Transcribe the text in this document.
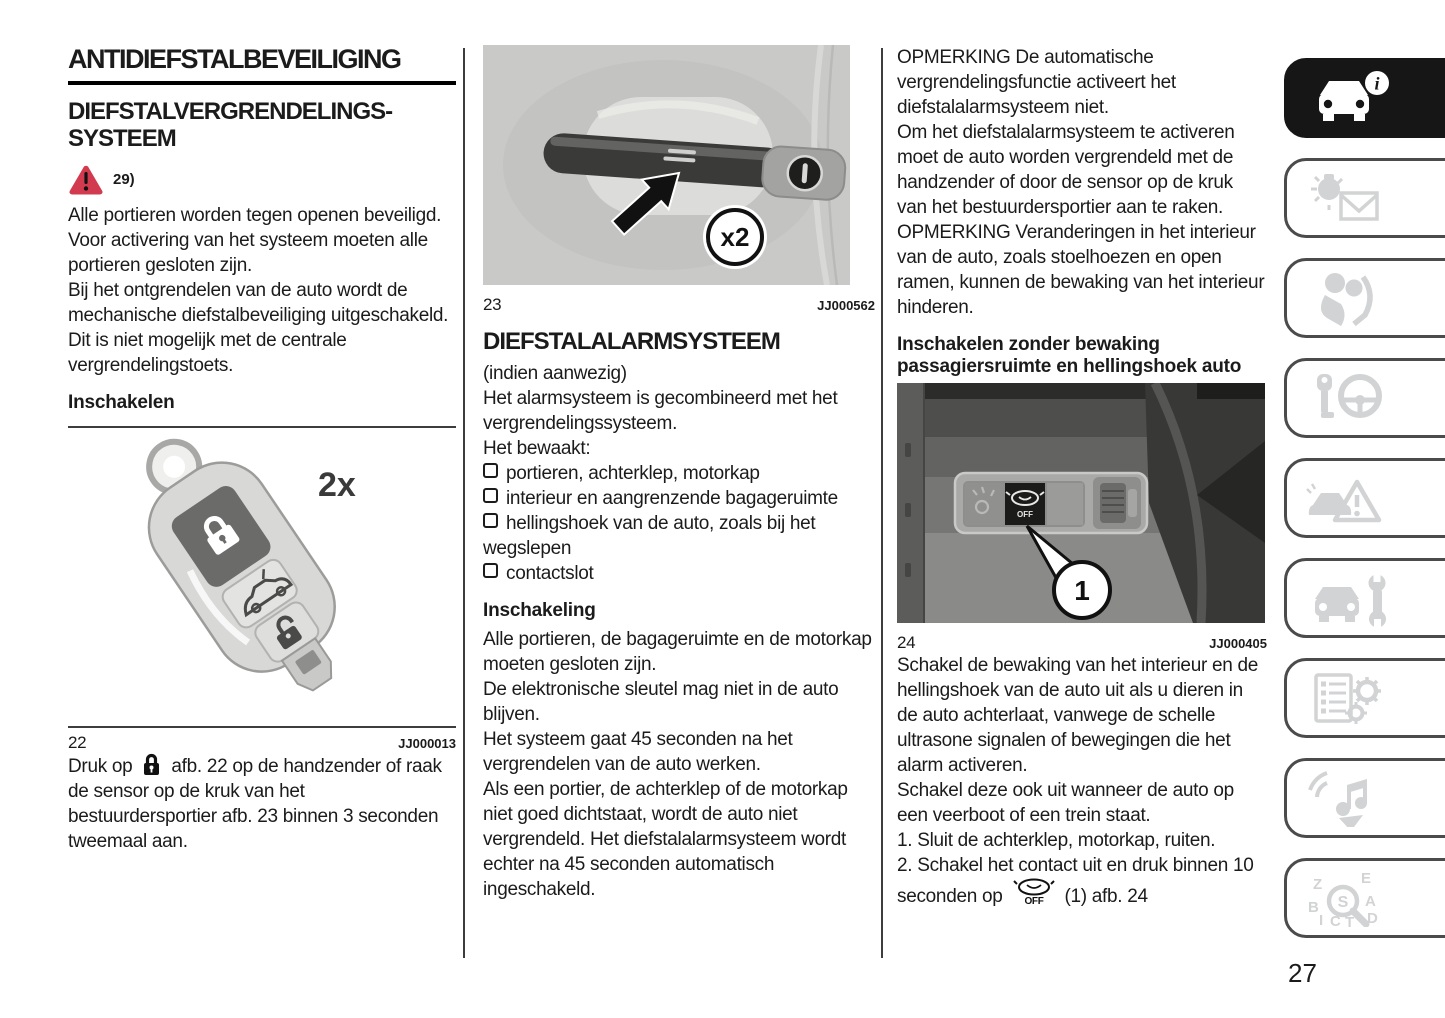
ANTIDIEFSTALBEVEILIGING
DIEFSTALVERGRENDELINGS-SYSTEEM
29)

Alle portieren worden tegen openen beveiligd. Voor activering van het systeem moeten alle portieren gesloten zijn.

Bij het ontgrendelen van de auto wordt de mechanische diefstalbeveiliging uitgeschakeld.

Dit is niet mogelijk met de centrale vergrendelingstoets.

Inschakelen
2x
22	JJ000013

Druk op afb. 22 op de handzender of raak de sensor op de kruk van het bestuurdersportier afb. 23 binnen 3 seconden tweemaal aan.

x2
23	JJ000562
DIEFSTALALARMSYSTEEM

(indien aanwezig)

Het alarmsysteem is gecombineerd met het vergrendelingssysteem.

Het bewaakt:

portieren, achterklep, motorkap

interieur en aangrenzende bagageruimte

hellingshoek van de auto, zoals bij het wegslepen

contactslot

Inschakeling

Alle portieren, de bagageruimte en de motorkap moeten gesloten zijn.

De elektronische sleutel mag niet in de auto blijven.

Het systeem gaat 45 seconden na het vergrendelen van de auto werken.

Als een portier, de achterklep of de motorkap niet goed dichtstaat, wordt de auto niet vergrendeld. Het diefstalalarmsysteem wordt echter na 45 seconden automatisch ingeschakeld.

OPMERKING De automatische vergrendelingsfunctie activeert het diefstalalarmsysteem niet.

Om het diefstalalarmsysteem te activeren moet de auto worden vergrendeld met de handzender of door de sensor op de kruk van het bestuurdersportier aan te raken.

OPMERKING Veranderingen in het interieur van de auto, zoals stoelhoezen en open ramen, kunnen de bewaking van het interieur hinderen.

Inschakelen zonder bewaking passagiersruimte en hellingshoek auto
OFF
1
24	JJ000405

Schakel de bewaking van het interieur en de hellingshoek van de auto uit als u dieren in de auto achterlaat, vanwege de schelle ultrasone signalen of bewegingen die het alarm activeren.

Schakel deze ook uit wanneer de auto op een veerboot of een trein staat.

1. Sluit de achterklep, motorkap, ruiten.

2. Schakel het contact uit en druk binnen 10 seconden op OFF (1) afb. 24

i
Z	E
B	A
I C T D
S
27
